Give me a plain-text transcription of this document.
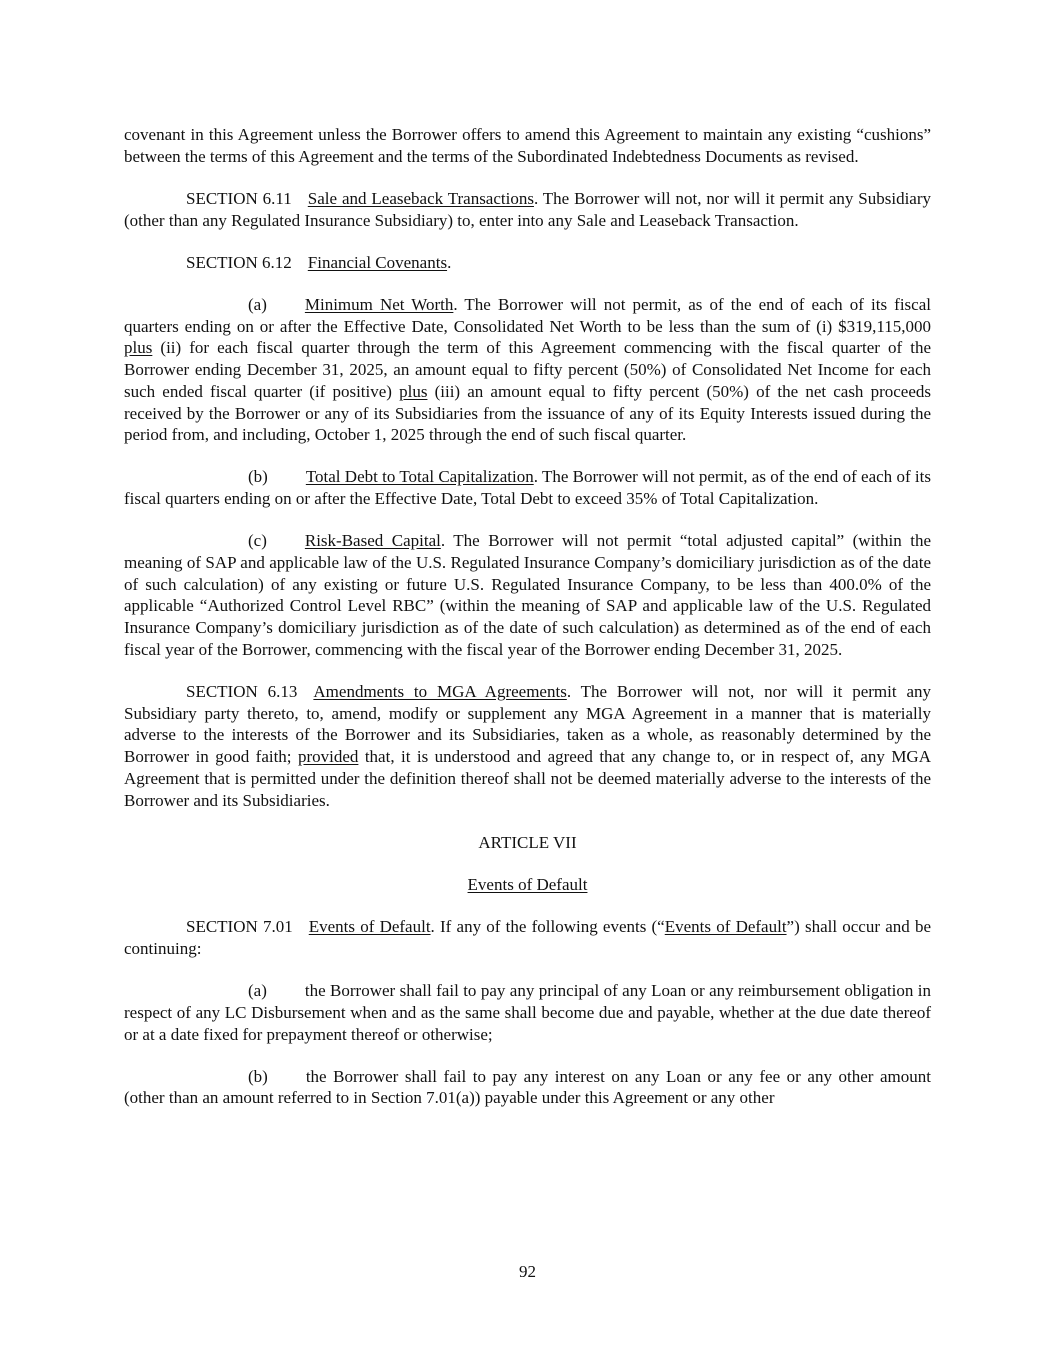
covenant in this Agreement unless the Borrower offers to amend this Agreement to maintain any existing “cushions” between the terms of this Agreement and the terms of the Subordinated Indebtedness Documents as revised.

SECTION 6.11 Sale and Leaseback Transactions. The Borrower will not, nor will it permit any Subsidiary (other than any Regulated Insurance Subsidiary) to, enter into any Sale and Leaseback Transaction.

SECTION 6.12 Financial Covenants.

(a) Minimum Net Worth. The Borrower will not permit, as of the end of each of its fiscal quarters ending on or after the Effective Date, Consolidated Net Worth to be less than the sum of (i) $319,115,000 plus (ii) for each fiscal quarter through the term of this Agreement commencing with the fiscal quarter of the Borrower ending December 31, 2025, an amount equal to fifty percent (50%) of Consolidated Net Income for each such ended fiscal quarter (if positive) plus (iii) an amount equal to fifty percent (50%) of the net cash proceeds received by the Borrower or any of its Subsidiaries from the issuance of any of its Equity Interests issued during the period from, and including, October 1, 2025 through the end of such fiscal quarter.

(b) Total Debt to Total Capitalization. The Borrower will not permit, as of the end of each of its fiscal quarters ending on or after the Effective Date, Total Debt to exceed 35% of Total Capitalization.

(c) Risk-Based Capital. The Borrower will not permit “total adjusted capital” (within the meaning of SAP and applicable law of the U.S. Regulated Insurance Company’s domiciliary jurisdiction as of the date of such calculation) of any existing or future U.S. Regulated Insurance Company, to be less than 400.0% of the applicable “Authorized Control Level RBC” (within the meaning of SAP and applicable law of the U.S. Regulated Insurance Company’s domiciliary jurisdiction as of the date of such calculation) as determined as of the end of each fiscal year of the Borrower, commencing with the fiscal year of the Borrower ending December 31, 2025.

SECTION 6.13 Amendments to MGA Agreements. The Borrower will not, nor will it permit any Subsidiary party thereto, to, amend, modify or supplement any MGA Agreement in a manner that is materially adverse to the interests of the Borrower and its Subsidiaries, taken as a whole, as reasonably determined by the Borrower in good faith; provided that, it is understood and agreed that any change to, or in respect of, any MGA Agreement that is permitted under the definition thereof shall not be deemed materially adverse to the interests of the Borrower and its Subsidiaries.

ARTICLE VII

Events of Default

SECTION 7.01 Events of Default. If any of the following events (“Events of Default”) shall occur and be continuing:

(a) the Borrower shall fail to pay any principal of any Loan or any reimbursement obligation in respect of any LC Disbursement when and as the same shall become due and payable, whether at the due date thereof or at a date fixed for prepayment thereof or otherwise;

(b) the Borrower shall fail to pay any interest on any Loan or any fee or any other amount (other than an amount referred to in Section 7.01(a)) payable under this Agreement or any other

92
